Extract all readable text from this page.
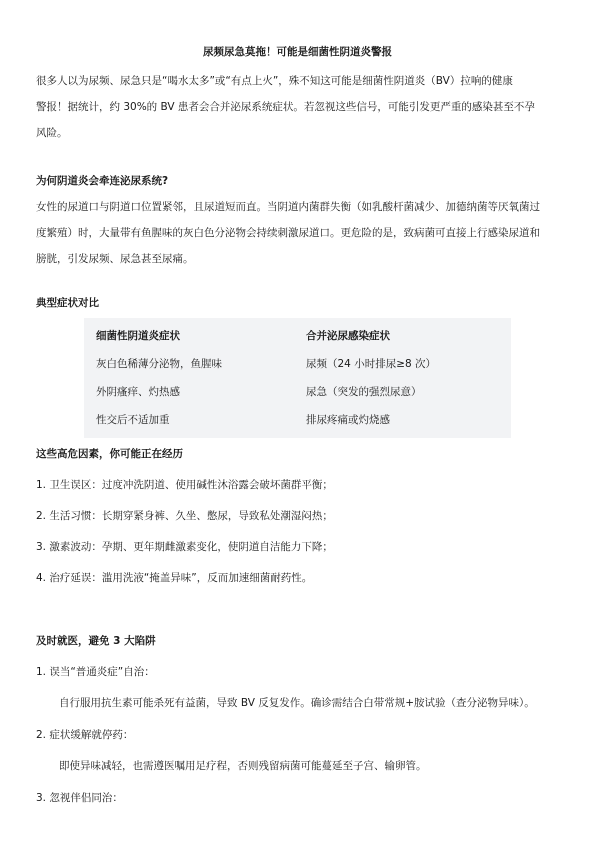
尿频尿急莫拖！可能是细菌性阴道炎警报
很多人以为尿频、尿急只是“喝水太多”或“有点上火”，殊不知这可能是细菌性阴道炎（BV）拉响的健康
警报！据统计，约 30%的 BV 患者会合并泌尿系统症状。若忽视这些信号，可能引发更严重的感染甚至不孕
风险。
为何阴道炎会牵连泌尿系统?
女性的尿道口与阴道口位置紧邻，且尿道短而直。当阴道内菌群失衡（如乳酸杆菌减少、加德纳菌等厌氧菌过
度繁殖）时，大量带有鱼腥味的灰白色分泌物会持续刺激尿道口。更危险的是，致病菌可直接上行感染尿道和
膀胱，引发尿频、尿急甚至尿痛。
典型症状对比
细菌性阴道炎症状	合并泌尿感染症状
灰白色稀薄分泌物，鱼腥味	尿频（24 小时排尿≥8 次）
外阴瘙痒、灼热感	尿急（突发的强烈尿意）
性交后不适加重	排尿疼痛或灼烧感
这些高危因素，你可能正在经历
1. 卫生误区：过度冲洗阴道、使用碱性沐浴露会破坏菌群平衡；
2. 生活习惯：长期穿紧身裤、久坐、憋尿，导致私处潮湿闷热；
3. 激素波动：孕期、更年期雌激素变化，使阴道自洁能力下降；
4. 治疗延误：滥用洗液“掩盖异味”，反而加速细菌耐药性。
及时就医，避免 3 大陷阱
1. 误当“普通炎症”自治：
自行服用抗生素可能杀死有益菌，导致 BV 反复发作。确诊需结合白带常规+胺试验（查分泌物异味）。
2. 症状缓解就停药：
即使异味减轻，也需遵医嘱用足疗程，否则残留病菌可能蔓延至子宫、输卵管。
3. 忽视伴侣同治：
